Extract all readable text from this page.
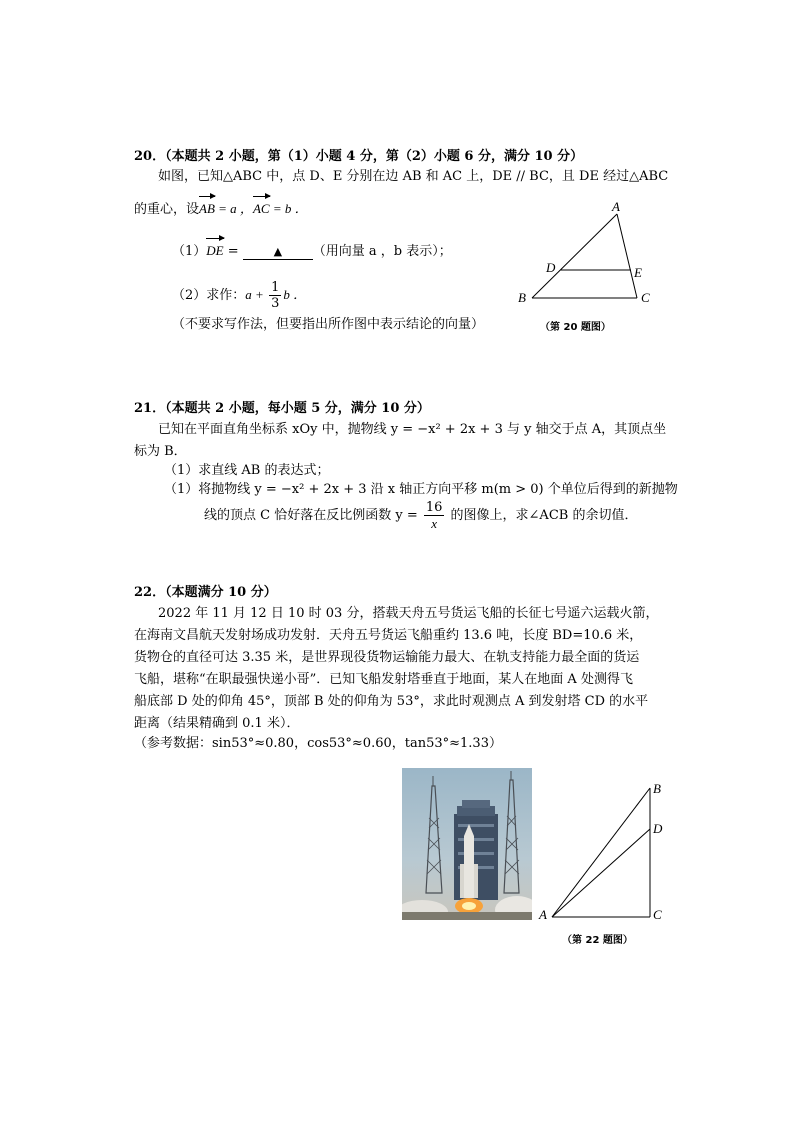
20．（本题共 2 小题，第（1）小题 4 分，第（2）小题 6 分，满分 10 分）
如图，已知△ABC 中，点 D、E 分别在边 AB 和 AC 上，DE // BC，且 DE 经过△ABC
的重心，设AB = a ，AC = b ．
（1）DE =	▲ （用向量 a ，b 表示）；
（2）求作：$a + \frac{1}{3}$ b ．
（不要求写作法，但要指出所作图中表示结论的向量）
A
B	C
D	E
（第 20 题图）
21．（本题共 2 小题，每小题 5 分，满分 10 分）
已知在平面直角坐标系 xOy 中，抛物线 y = −x² + 2x + 3 与 y 轴交于点 A，其顶点坐
标为 B．
（1）求直线 AB 的表达式；
（1）将抛物线 y = −x² + 2x + 3 沿 x 轴正方向平移 m(m > 0) 个单位后得到的新抛物
线的顶点 C 恰好落在反比例函数 $y = \frac{16}{x}$ 的图像上，求∠ACB 的余切值．
22．（本题满分 10 分）
2022 年 11 月 12 日 10 时 03 分，搭载天舟五号货运飞船的长征七号遥六运载火箭，
在海南文昌航天发射场成功发射．天舟五号货运飞船重约 13.6 吨，长度 BD=10.6 米，
货物仓的直径可达 3.35 米，是世界现役货物运输能力最大、在轨支持能力最全面的货运
飞船，堪称“在职最强快递小哥”．已知飞船发射塔垂直于地面，某人在地面 A 处测得飞
船底部 D 处的仰角 45°，顶部 B 处的仰角为 53°，求此时观测点 A 到发射塔 CD 的水平
距离（结果精确到 0.1 米）．
（参考数据：sin53°≈0.80，cos53°≈0.60，tan53°≈1.33）
A
B
C
D
（第 22 题图）
